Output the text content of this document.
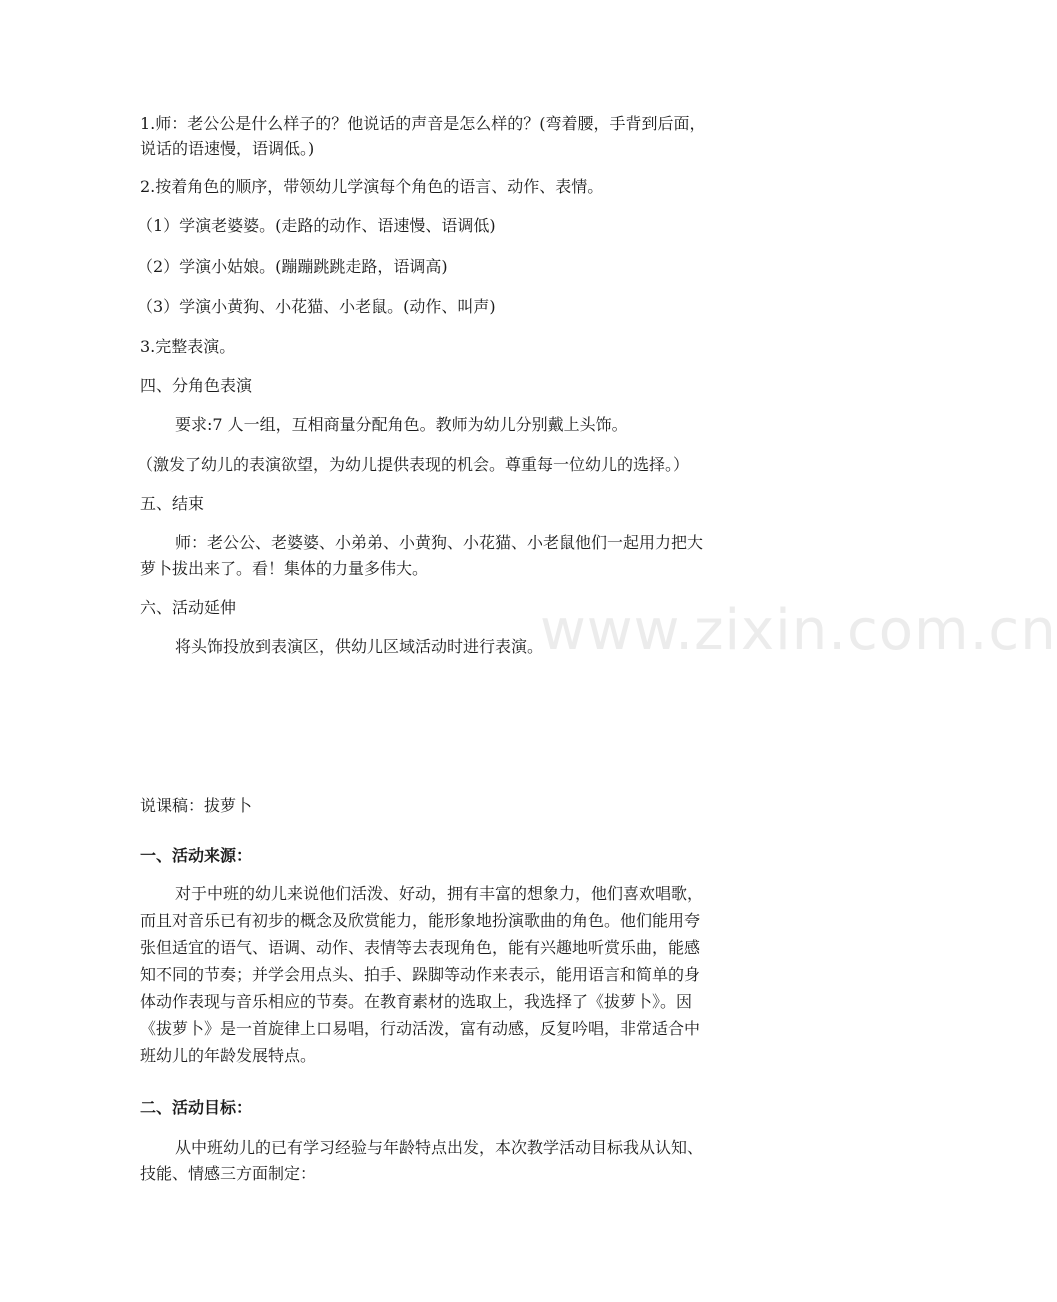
www.zixin.com.cn

1.师：老公公是什么样子的？他说话的声音是怎么样的？(弯着腰，手背到后面，

说话的语速慢，语调低。)

2.按着角色的顺序，带领幼儿学演每个角色的语言、动作、表情。

（1）学演老婆婆。(走路的动作、语速慢、语调低)

（2）学演小姑娘。(蹦蹦跳跳走路，语调高)

（3）学演小黄狗、小花猫、小老鼠。(动作、叫声)

3.完整表演。

四、分角色表演

要求:7 人一组，互相商量分配角色。教师为幼儿分别戴上头饰。

（激发了幼儿的表演欲望，为幼儿提供表现的机会。尊重每一位幼儿的选择。）

五、结束

师：老公公、老婆婆、小弟弟、小黄狗、小花猫、小老鼠他们一起用力把大

萝卜拔出来了。看！集体的力量多伟大。

六、活动延伸

将头饰投放到表演区，供幼儿区域活动时进行表演。

说课稿：拔萝卜

一、活动来源：

对于中班的幼儿来说他们活泼、好动，拥有丰富的想象力，他们喜欢唱歌，

而且对音乐已有初步的概念及欣赏能力，能形象地扮演歌曲的角色。他们能用夸

张但适宜的语气、语调、动作、表情等去表现角色，能有兴趣地听赏乐曲，能感

知不同的节奏；并学会用点头、拍手、跺脚等动作来表示，能用语言和简单的身

体动作表现与音乐相应的节奏。在教育素材的选取上，我选择了《拔萝卜》。因

《拔萝卜》是一首旋律上口易唱，行动活泼，富有动感，反复吟唱，非常适合中

班幼儿的年龄发展特点。

二、活动目标：

从中班幼儿的已有学习经验与年龄特点出发，本次教学活动目标我从认知、

技能、情感三方面制定：
